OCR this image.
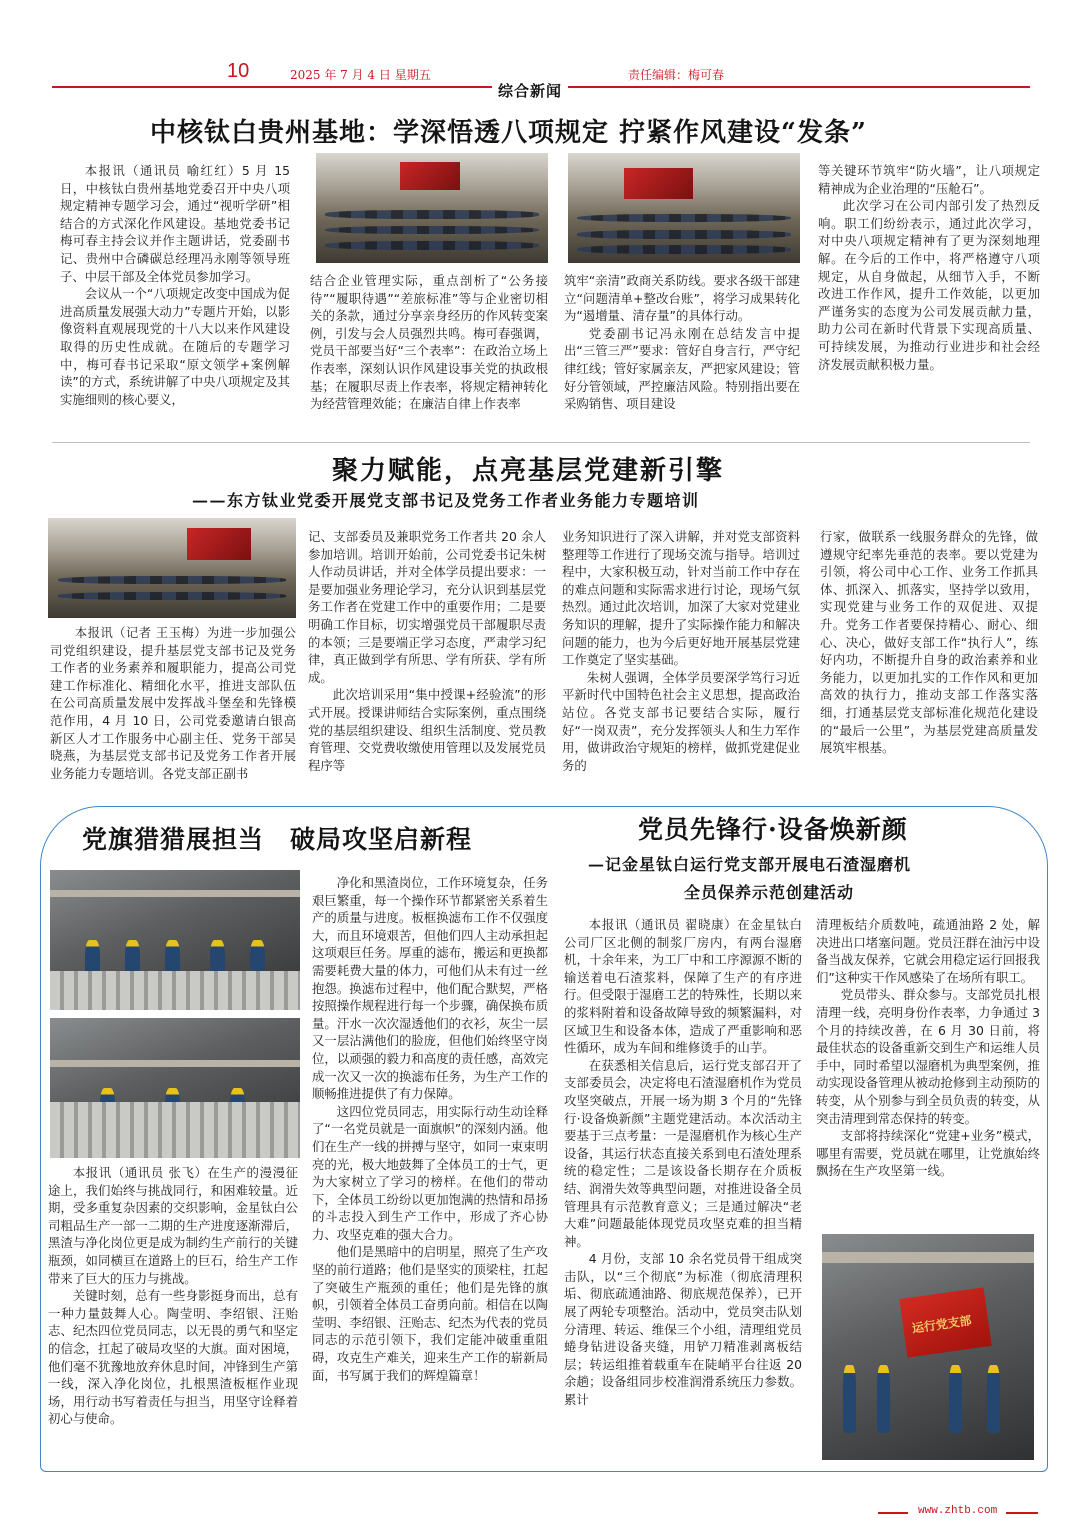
10	2025 年 7 月 4 日 星期五	责任编辑：梅可春
综合新闻
中核钛白贵州基地：学深悟透八项规定 拧紧作风建设“发条”

本报讯（通讯员 喻红红）5 月 15 日，中核钛白贵州基地党委召开中央八项规定精神专题学习会，通过“视听学研”相结合的方式深化作风建设。基地党委书记梅可春主持会议并作主题讲话，党委副书记、贵州中合磷碳总经理冯永刚等领导班子、中层干部及全体党员参加学习。

会议从一个“八项规定改变中国成为促进高质量发展强大动力”专题片开始，以影像资料直观展现党的十八大以来作风建设取得的历史性成就。在随后的专题学习中，梅可春书记采取“原文领学+案例解读”的方式，系统讲解了中央八项规定及其实施细则的核心要义，

结合企业管理实际，重点剖析了“公务接待”“履职待遇”“差旅标准”等与企业密切相关的条款，通过分享亲身经历的作风转变案例，引发与会人员强烈共鸣。梅可春强调，党员干部要当好“三个表率”：在政治立场上作表率，深刻认识作风建设事关党的执政根基；在履职尽责上作表率，将规定精神转化为经营管理效能；在廉洁自律上作表率

筑牢“亲清”政商关系防线。要求各级干部建立“问题清单+整改台账”，将学习成果转化为“遏增量、清存量”的具体行动。

党委副书记冯永刚在总结发言中提出“三管三严”要求：管好自身言行，严守纪律红线；管好家属亲友，严把家风建设；管好分管领域，严控廉洁风险。特别指出要在采购销售、项目建设

等关键环节筑牢“防火墙”，让八项规定精神成为企业治理的“压舱石”。

此次学习在公司内部引发了热烈反响。职工们纷纷表示，通过此次学习，对中央八项规定精神有了更为深刻地理解。在今后的工作中，将严格遵守八项规定，从自身做起，从细节入手，不断改进工作作风，提升工作效能，以更加严谨务实的态度为公司发展贡献力量，助力公司在新时代背景下实现高质量、可持续发展，为推动行业进步和社会经济发展贡献积极力量。

聚力赋能，点亮基层党建新引擎
——东方钛业党委开展党支部书记及党务工作者业务能力专题培训

本报讯（记者 王玉梅）为进一步加强公司党组织建设，提升基层党支部书记及党务工作者的业务素养和履职能力，提高公司党建工作标准化、精细化水平，推进支部队伍在公司高质量发展中发挥战斗堡垒和先锋模范作用，4 月 10 日，公司党委邀请白银高新区人才工作服务中心副主任、党务干部吴晓燕，为基层党支部书记及党务工作者开展业务能力专题培训。各党支部正副书

记、支部委员及兼职党务工作者共 20 余人参加培训。培训开始前，公司党委书记朱树人作动员讲话，并对全体学员提出要求：一是要加强业务理论学习，充分认识到基层党务工作者在党建工作中的重要作用；二是要明确工作目标，切实增强党员干部履职尽责的本领；三是要端正学习态度，严肃学习纪律，真正做到学有所思、学有所获、学有所成。

此次培训采用“集中授课+经验流”的形式开展。授课讲师结合实际案例，重点围绕党的基层组织建设、组织生活制度、党员教育管理、交党费收缴使用管理以及发展党员程序等

业务知识进行了深入讲解，并对党支部资料整理等工作进行了现场交流与指导。培训过程中，大家积极互动，针对当前工作中存在的难点问题和实际需求进行讨论，现场气氛热烈。通过此次培训，加深了大家对党建业务知识的理解，提升了实际操作能力和解决问题的能力，也为今后更好地开展基层党建工作奠定了坚实基础。

朱树人强调，全体学员要深学笃行习近平新时代中国特色社会主义思想，提高政治站位。各党支部书记要结合实际，履行好“一岗双责”，充分发挥领头人和生力军作用，做讲政治守规矩的榜样，做抓党建促业务的

行家，做联系一线服务群众的先锋，做遵规守纪率先垂范的表率。要以党建为引领，将公司中心工作、业务工作抓具体、抓深入、抓落实，坚持学以致用，实现党建与业务工作的双促进、双提升。党务工作者要保持精心、耐心、细心、决心，做好支部工作“执行人”，练好内功，不断提升自身的政治素养和业务能力，以更加扎实的工作作风和更加高效的执行力，推动支部工作落实落细，打通基层党支部标准化规范化建设的“最后一公里”，为基层党建高质量发展筑牢根基。

党旗猎猎展担当　破局攻坚启新程

本报讯（通讯员 张飞）在生产的漫漫征途上，我们始终与挑战同行，和困难较量。近期，受多重复杂因素的交织影响，金星钛白公司粗品生产一部一二期的生产进度逐渐滞后，黑渣与净化岗位更是成为制约生产前行的关键瓶颈，如同横亘在道路上的巨石，给生产工作带来了巨大的压力与挑战。

关键时刻，总有一些身影挺身而出，总有一种力量鼓舞人心。陶莹明、李绍银、汪贻志、纪杰四位党员同志，以无畏的勇气和坚定的信念，扛起了破局攻坚的大旗。面对困境，他们毫不犹豫地放弃休息时间，冲锋到生产第一线，深入净化岗位，扎根黑渣板框作业现场，用行动书写着责任与担当，用坚守诠释着初心与使命。

净化和黑渣岗位，工作环境复杂，任务艰巨繁重，每一个操作环节都紧密关系着生产的质量与进度。板框换滤布工作不仅强度大，而且环境艰苦，但他们四人主动承担起这项艰巨任务。厚重的滤布，搬运和更换都需要耗费大量的体力，可他们从未有过一丝抱怨。换滤布过程中，他们配合默契，严格按照操作规程进行每一个步骤，确保换布质量。汗水一次次湿透他们的衣衫，灰尘一层又一层沾满他们的脸庞，但他们始终坚守岗位，以顽强的毅力和高度的责任感，高效完成一次又一次的换滤布任务，为生产工作的顺畅推进提供了有力保障。

这四位党员同志，用实际行动生动诠释了“一名党员就是一面旗帜”的深刻内涵。他们在生产一线的拼搏与坚守，如同一束束明亮的光，极大地鼓舞了全体员工的士气，更为大家树立了学习的榜样。在他们的带动下，全体员工纷纷以更加饱满的热情和昂扬的斗志投入到生产工作中，形成了齐心协力、攻坚克难的强大合力。

他们是黑暗中的启明星，照亮了生产攻坚的前行道路；他们是坚实的顶梁柱，扛起了突破生产瓶颈的重任；他们是先锋的旗帜，引领着全体员工奋勇向前。相信在以陶莹明、李绍银、汪贻志、纪杰为代表的党员同志的示范引领下，我们定能冲破重重阻碍，攻克生产难关，迎来生产工作的崭新局面，书写属于我们的辉煌篇章！

党员先锋行·设备焕新颜
—记金星钛白运行党支部开展电石渣湿磨机
全员保养示范创建活动

本报讯（通讯员 翟晓康）在金星钛白公司厂区北侧的制浆厂房内，有两台湿磨机，十余年来，为工厂中和工序源源不断的输送着电石渣浆料，保障了生产的有序进行。但受限于湿磨工艺的特殊性，长期以来的浆料附着和设备故障导致的频繁漏料，对区域卫生和设备本体，造成了严重影响和恶性循环，成为车间和维修烫手的山芋。

在获悉相关信息后，运行党支部召开了支部委员会，决定将电石渣湿磨机作为党员攻坚突破点，开展一场为期 3 个月的“先锋行·设备焕新颜”主题党建活动。本次活动主要基于三点考量：一是湿磨机作为核心生产设备，其运行状态直接关系到电石渣处理系统的稳定性；二是该设备长期存在介质板结、润滑失效等典型问题，对推进设备全员管理具有示范教育意义；三是通过解决“老大难”问题最能体现党员攻坚克难的担当精神。

4 月份，支部 10 余名党员骨干组成突击队，以“三个彻底”为标准（彻底清理积垢、彻底疏通油路、彻底规范保养），已开展了两轮专项整治。活动中，党员突击队划分清理、转运、维保三个小组，清理组党员蜷身钻进设备夹缝，用铲刀精准剥离板结层；转运组推着载重车在陡峭平台往返 20 余趟；设备组同步校准润滑系统压力参数。累计

清理板结介质数吨，疏通油路 2 处，解决进出口堵塞问题。党员汪群在油污中设备当战友保养，它就会用稳定运行回报我们”这种实干作风感染了在场所有职工。

党员带头、群众参与。支部党员扎根清理一线，亮明身份作表率，力争通过 3 个月的持续改善，在 6 月 30 日前，将最佳状态的设备重新交到生产和运维人员手中，同时希望以湿磨机为典型案例，推动实现设备管理从被动抢修到主动预防的转变，从个别参与到全员负责的转变，从突击清理到常态保持的转变。

支部将持续深化“党建+业务”模式，哪里有需要，党员就在哪里，让党旗始终飘扬在生产攻坚第一线。

运行党支部
www.zhtb.com
